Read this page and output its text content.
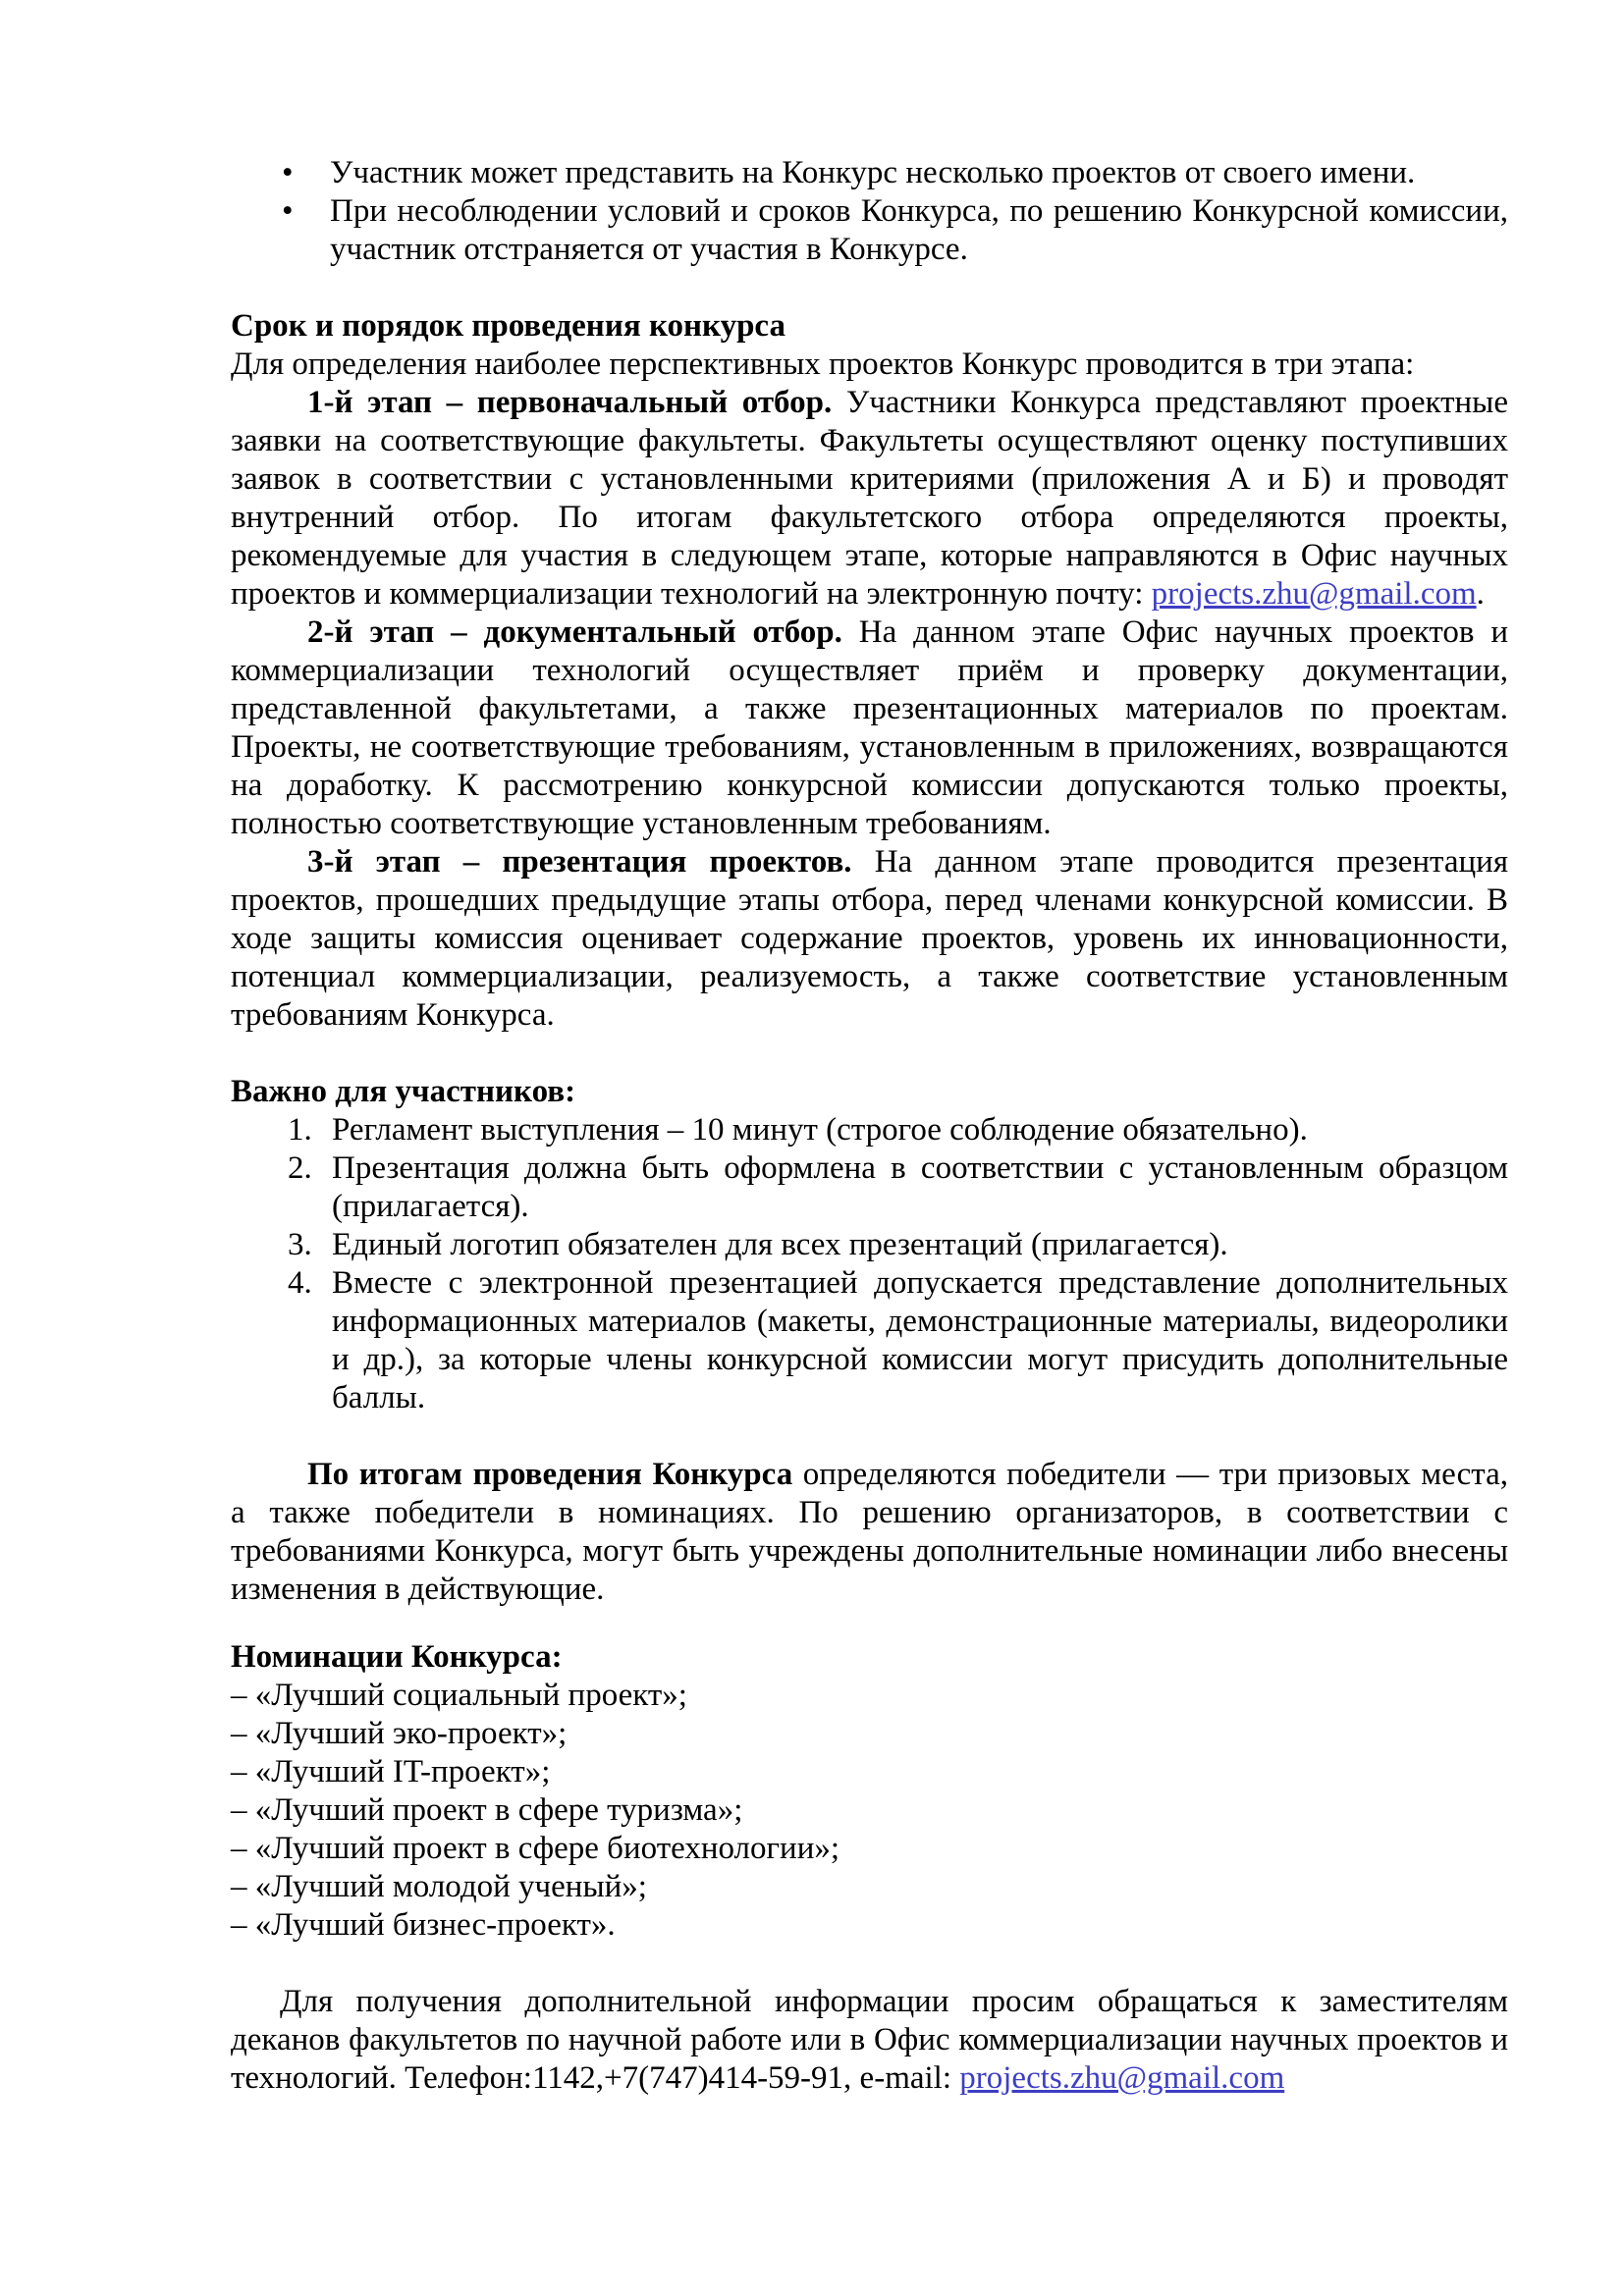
• Участник может представить на Конкурс несколько проектов от своего имени.
• При несоблюдении условий и сроков Конкурса, по решению Конкурсной комиссии, участник отстраняется от участия в Конкурсе.
Срок и порядок проведения конкурса
Для определения наиболее перспективных проектов Конкурс проводится в три этапа:
1-й этап – первоначальный отбор. Участники Конкурса представляют проектные заявки на соответствующие факультеты. Факультеты осуществляют оценку поступивших заявок в соответствии с установленными критериями (приложения А и Б) и проводят внутренний отбор. По итогам факультетского отбора определяются проекты, рекомендуемые для участия в следующем этапе, которые направляются в Офис научных проектов и коммерциализации технологий на электронную почту: projects.zhu@gmail.com.
2-й этап – документальный отбор. На данном этапе Офис научных проектов и коммерциализации технологий осуществляет приём и проверку документации, представленной факультетами, а также презентационных материалов по проектам. Проекты, не соответствующие требованиям, установленным в приложениях, возвращаются на доработку. К рассмотрению конкурсной комиссии допускаются только проекты, полностью соответствующие установленным требованиям.
3-й этап – презентация проектов. На данном этапе проводится презентация проектов, прошедших предыдущие этапы отбора, перед членами конкурсной комиссии. В ходе защиты комиссия оценивает содержание проектов, уровень их инновационности, потенциал коммерциализации, реализуемость, а также соответствие установленным требованиям Конкурса.
Важно для участников:
1. Регламент выступления – 10 минут (строгое соблюдение обязательно).
2. Презентация должна быть оформлена в соответствии с установленным образцом (прилагается).
3. Единый логотип обязателен для всех презентаций (прилагается).
4. Вместе с электронной презентацией допускается представление дополнительных информационных материалов (макеты, демонстрационные материалы, видеоролики и др.), за которые члены конкурсной комиссии могут присудить дополнительные баллы.
По итогам проведения Конкурса определяются победители — три призовых места, а также победители в номинациях. По решению организаторов, в соответствии с требованиями Конкурса, могут быть учреждены дополнительные номинации либо внесены изменения в действующие.
Номинации Конкурса:
– «Лучший социальный проект»;
– «Лучший эко-проект»;
– «Лучший IT-проект»;
– «Лучший проект в сфере туризма»;
– «Лучший проект в сфере биотехнологии»;
– «Лучший молодой ученый»;
– «Лучший бизнес-проект».
Для получения дополнительной информации просим обращаться к заместителям деканов факультетов по научной работе или в Офис коммерциализации научных проектов и технологий. Телефон:1142,+7(747)414-59-91, e-mail: projects.zhu@gmail.com
